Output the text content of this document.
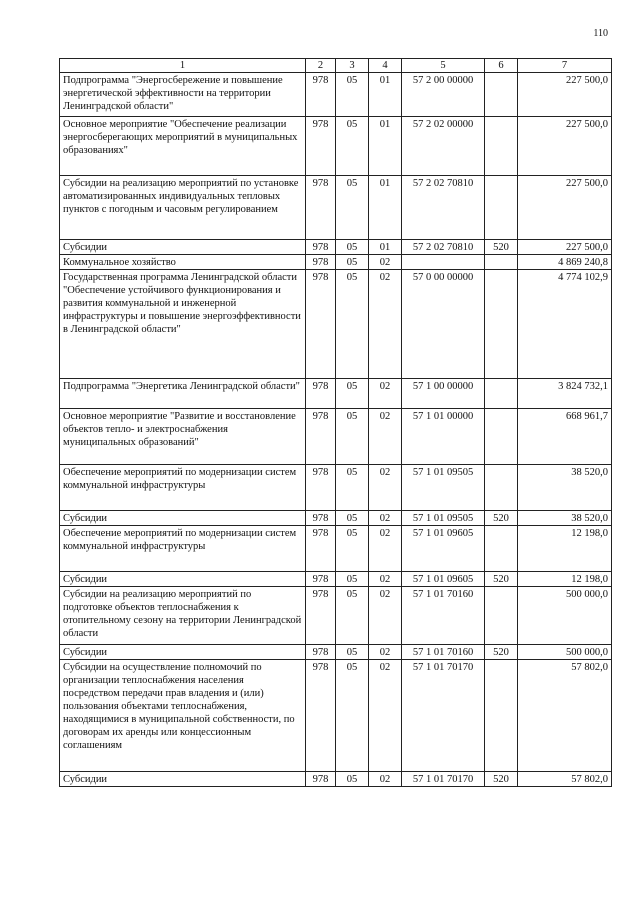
110
1	2	3	4	5	6	7
Подпрограмма "Энергосбережение и повышение энергетической эффективности на территории Ленинградской области"	978	05	01	57 2 00 00000		227 500,0
Основное мероприятие "Обеспечение реализации энергосберегающих мероприятий в муниципальных образованиях"	978	05	01	57 2 02 00000		227 500,0
Субсидии на реализацию мероприятий по установке автоматизированных индивидуальных тепловых пунктов с погодным и часовым регулированием	978	05	01	57 2 02 70810		227 500,0
Субсидии	978	05	01	57 2 02 70810	520	227 500,0
Коммунальное хозяйство	978	05	02			4 869 240,8
Государственная программа Ленинградской области "Обеспечение устойчивого функционирования и развития коммунальной и инженерной инфраструктуры и повышение энергоэффективности в Ленинградской области"	978	05	02	57 0 00 00000		4 774 102,9
Подпрограмма "Энергетика Ленинградской области"	978	05	02	57 1 00 00000		3 824 732,1
Основное мероприятие "Развитие и восстановление объектов тепло- и электроснабжения муниципальных образований"	978	05	02	57 1 01 00000		668 961,7
Обеспечение мероприятий по модернизации систем коммунальной инфраструктуры	978	05	02	57 1 01 09505		38 520,0
Субсидии	978	05	02	57 1 01 09505	520	38 520,0
Обеспечение мероприятий по модернизации систем коммунальной инфраструктуры	978	05	02	57 1 01 09605		12 198,0
Субсидии	978	05	02	57 1 01 09605	520	12 198,0
Субсидии на реализацию мероприятий по подготовке объектов теплоснабжения к отопительному сезону на территории Ленинградской области	978	05	02	57 1 01 70160		500 000,0
Субсидии	978	05	02	57 1 01 70160	520	500 000,0
Субсидии на осуществление полномочий по организации теплоснабжения населения посредством передачи прав владения и (или) пользования объектами теплоснабжения, находящимися в муниципальной собственности, по договорам их аренды или концессионным соглашениям	978	05	02	57 1 01 70170		57 802,0
Субсидии	978	05	02	57 1 01 70170	520	57 802,0
